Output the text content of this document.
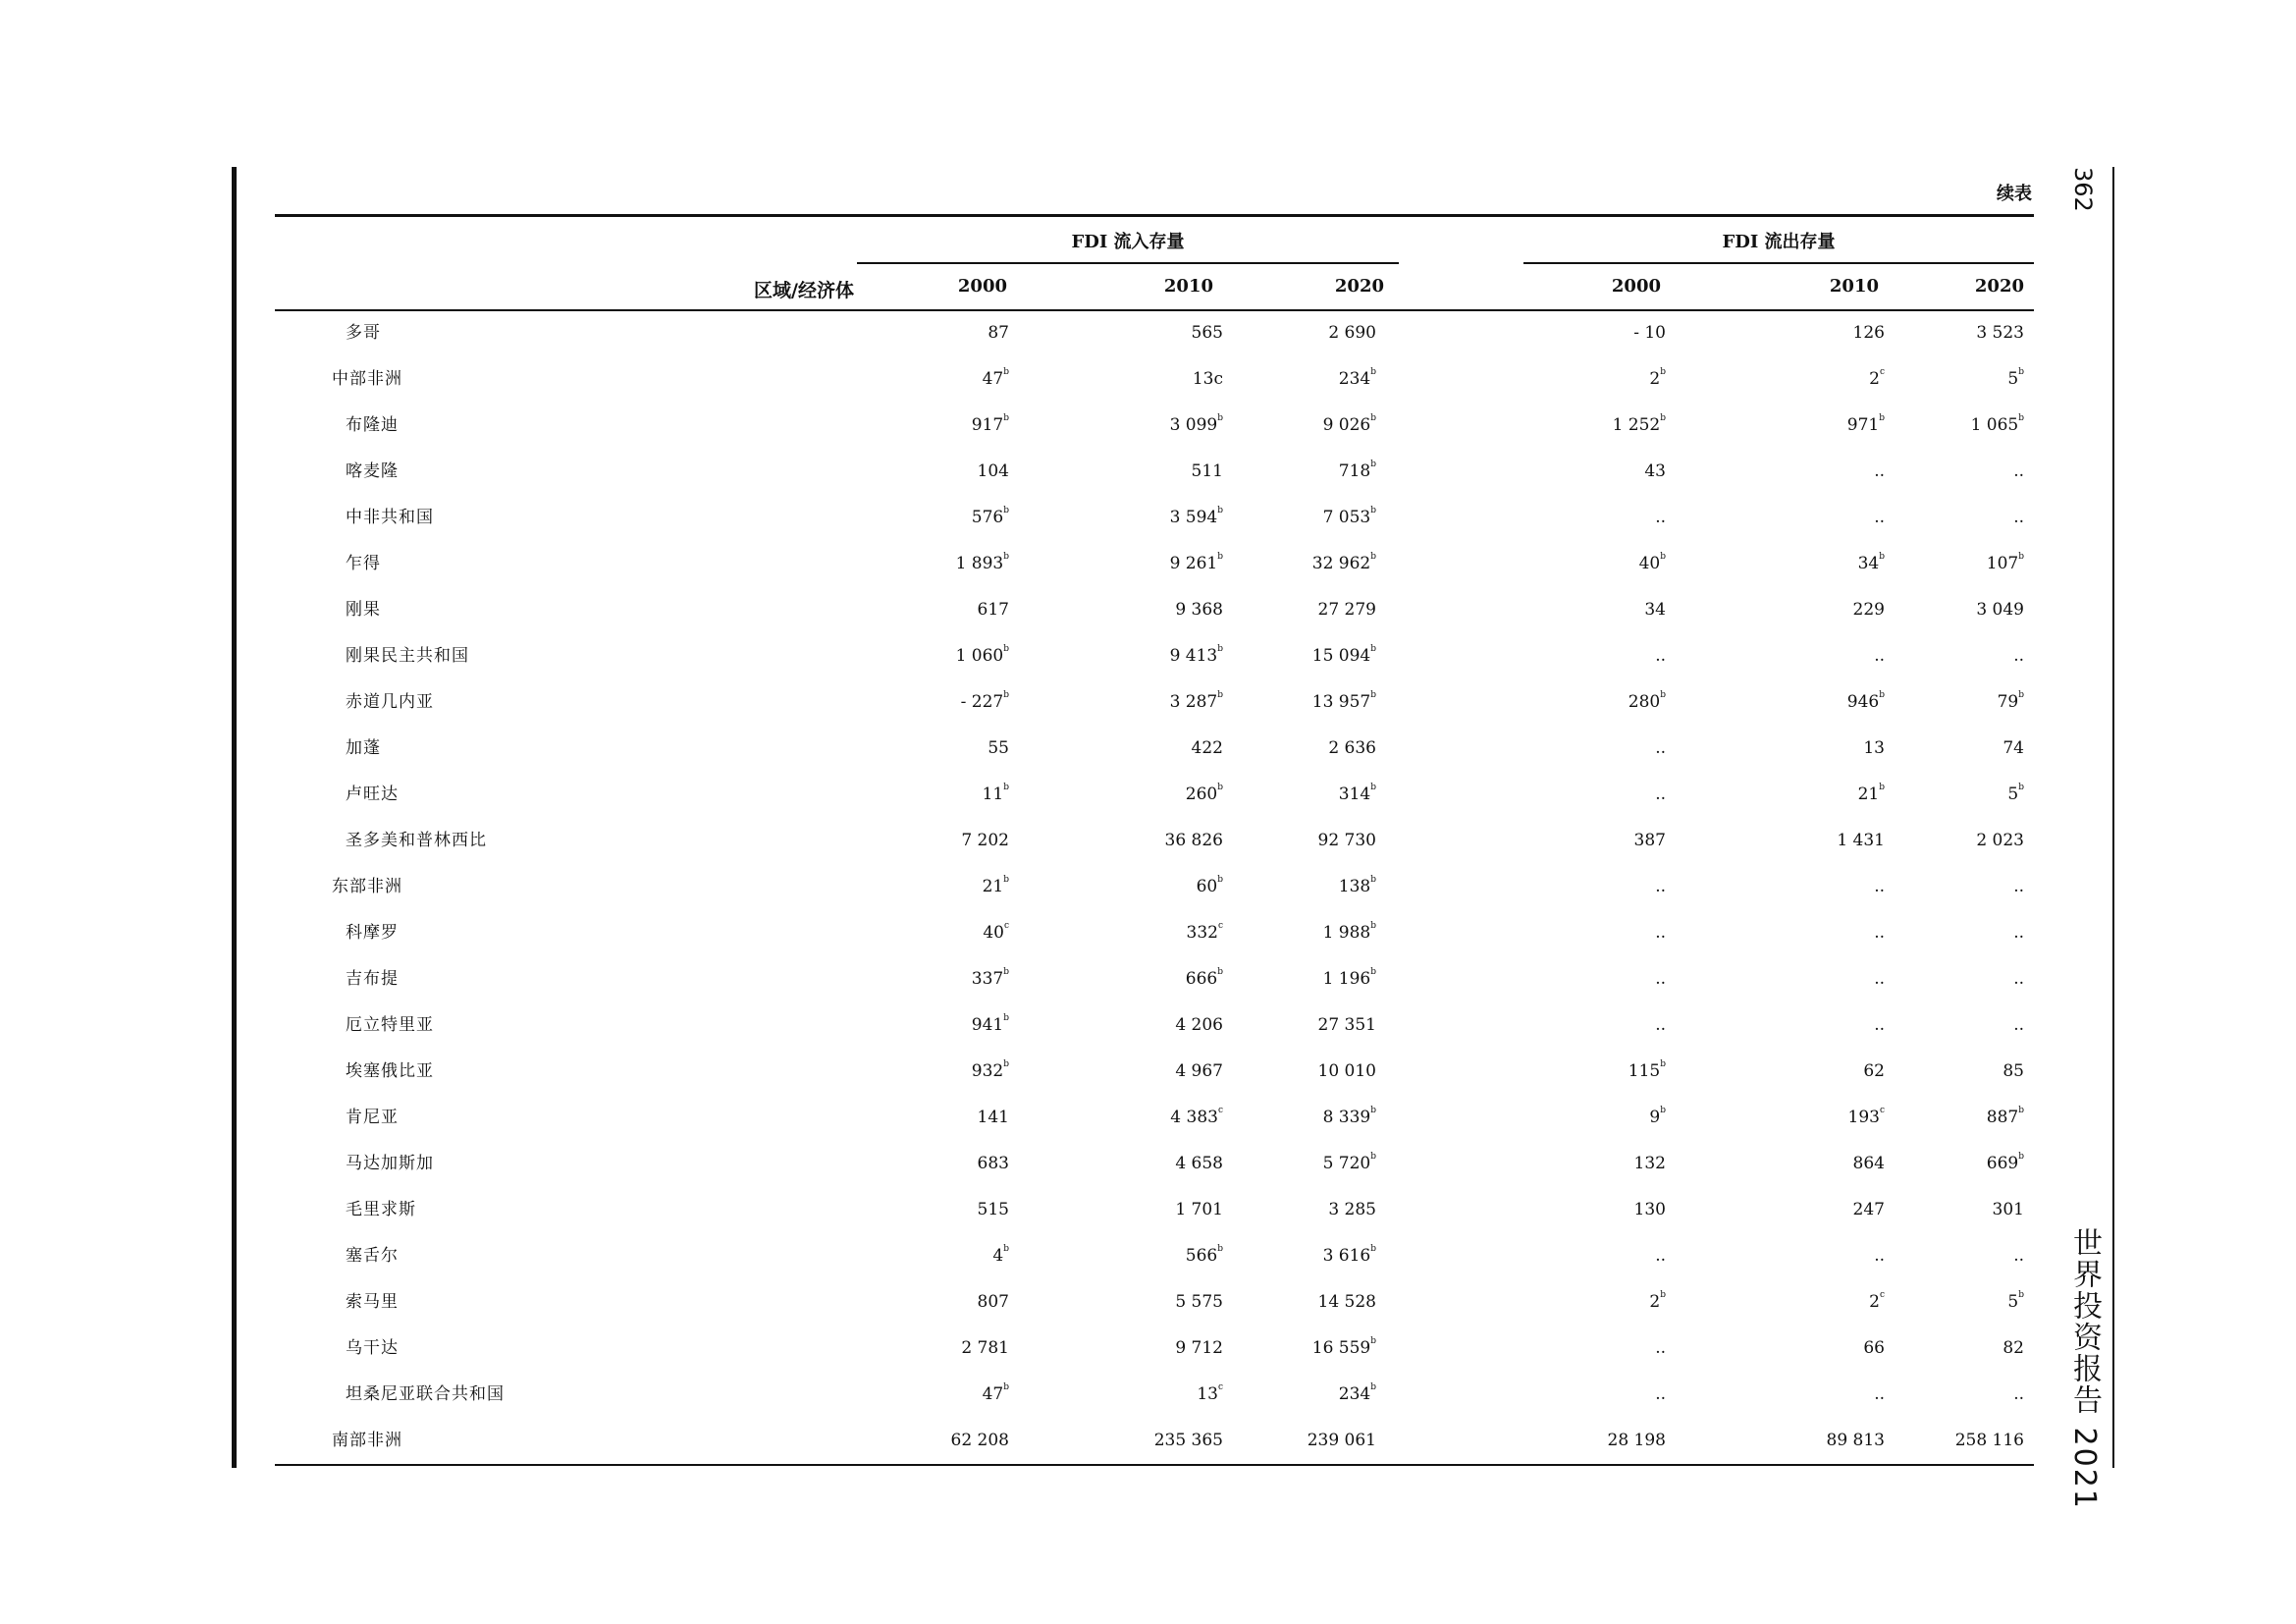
362
世界投资报告 2021
续表
FDI 流入存量	FDI 流出存量
区域/经济体	2000	2010	2020	2000	2010	2020
多哥	87	565	2 690	- 10	126	3 523
中部非洲	47$^b$	13c	234$^b$	2$^b$	2$^c$	5$^b$
布隆迪	917$^b$	3 099$^b$	9 026$^b$	1 252$^b$	971$^b$	1 065$^b$
喀麦隆	104	511	718$^b$	43	..	..
中非共和国	576$^b$	3 594$^b$	7 053$^b$	..	..	..
乍得	1 893$^b$	9 261$^b$	32 962$^b$	40$^b$	34$^b$	107$^b$
刚果	617	9 368	27 279	34	229	3 049
刚果民主共和国	1 060$^b$	9 413$^b$	15 094$^b$	..	..	..
赤道几内亚	- 227$^b$	3 287$^b$	13 957$^b$	280$^b$	946$^b$	79$^b$
加蓬	55	422	2 636	..	13	74
卢旺达	11$^b$	260$^b$	314$^b$	..	21$^b$	5$^b$
圣多美和普林西比	7 202	36 826	92 730	387	1 431	2 023
东部非洲	21$^b$	60$^b$	138$^b$	..	..	..
科摩罗	40$^c$	332$^c$	1 988$^b$	..	..	..
吉布提	337$^b$	666$^b$	1 196$^b$	..	..	..
厄立特里亚	941$^b$	4 206	27 351	..	..	..
埃塞俄比亚	932$^b$	4 967	10 010	115$^b$	62	85
肯尼亚	141	4 383$^c$	8 339$^b$	9$^b$	193$^c$	887$^b$
马达加斯加	683	4 658	5 720$^b$	132	864	669$^b$
毛里求斯	515	1 701	3 285	130	247	301
塞舌尔	4$^b$	566$^b$	3 616$^b$	..	..	..
索马里	807	5 575	14 528	2$^b$	2$^c$	5$^b$
乌干达	2 781	9 712	16 559$^b$	..	66	82
坦桑尼亚联合共和国	47$^b$	13$^c$	234$^b$	..	..	..
南部非洲	62 208	235 365	239 061	28 198	89 813	258 116
